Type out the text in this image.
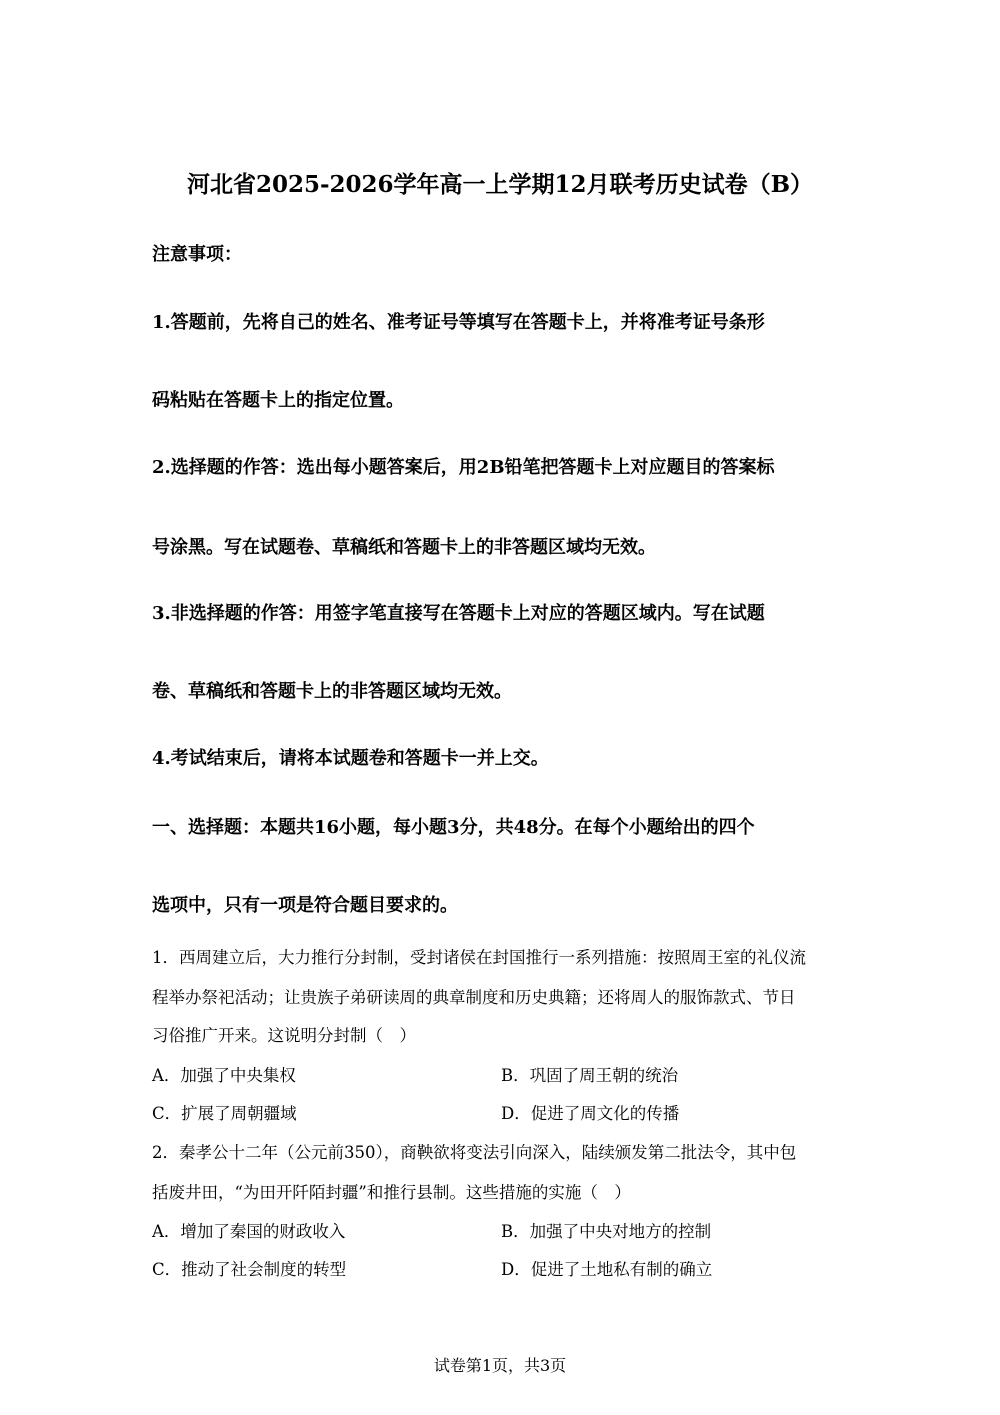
河北省2025-2026学年高一上学期12月联考历史试卷（B）
注意事项：
1.答题前，先将自己的姓名、准考证号等填写在答题卡上，并将准考证号条形
码粘贴在答题卡上的指定位置。
2.选择题的作答：选出每小题答案后，用2B铅笔把答题卡上对应题目的答案标
号涂黑。写在试题卷、草稿纸和答题卡上的非答题区域均无效。
3.非选择题的作答：用签字笔直接写在答题卡上对应的答题区域内。写在试题
卷、草稿纸和答题卡上的非答题区域均无效。
4.考试结束后，请将本试题卷和答题卡一并上交。
一、选择题：本题共16小题，每小题3分，共48分。在每个小题给出的四个
选项中，只有一项是符合题目要求的。
1．西周建立后，大力推行分封制，受封诸侯在封国推行一系列措施：按照周王室的礼仪流
程举办祭祀活动；让贵族子弟研读周的典章制度和历史典籍；还将周人的服饰款式、节日
习俗推广开来。这说明分封制（　）
A．加强了中央集权	B．巩固了周王朝的统治
C．扩展了周朝疆域	D．促进了周文化的传播
2．秦孝公十二年（公元前350），商鞅欲将变法引向深入，陆续颁发第二批法令，其中包
括废井田，“为田开阡陌封疆”和推行县制。这些措施的实施（　）
A．增加了秦国的财政收入	B．加强了中央对地方的控制
C．推动了社会制度的转型	D．促进了土地私有制的确立
试卷第1页，共3页
